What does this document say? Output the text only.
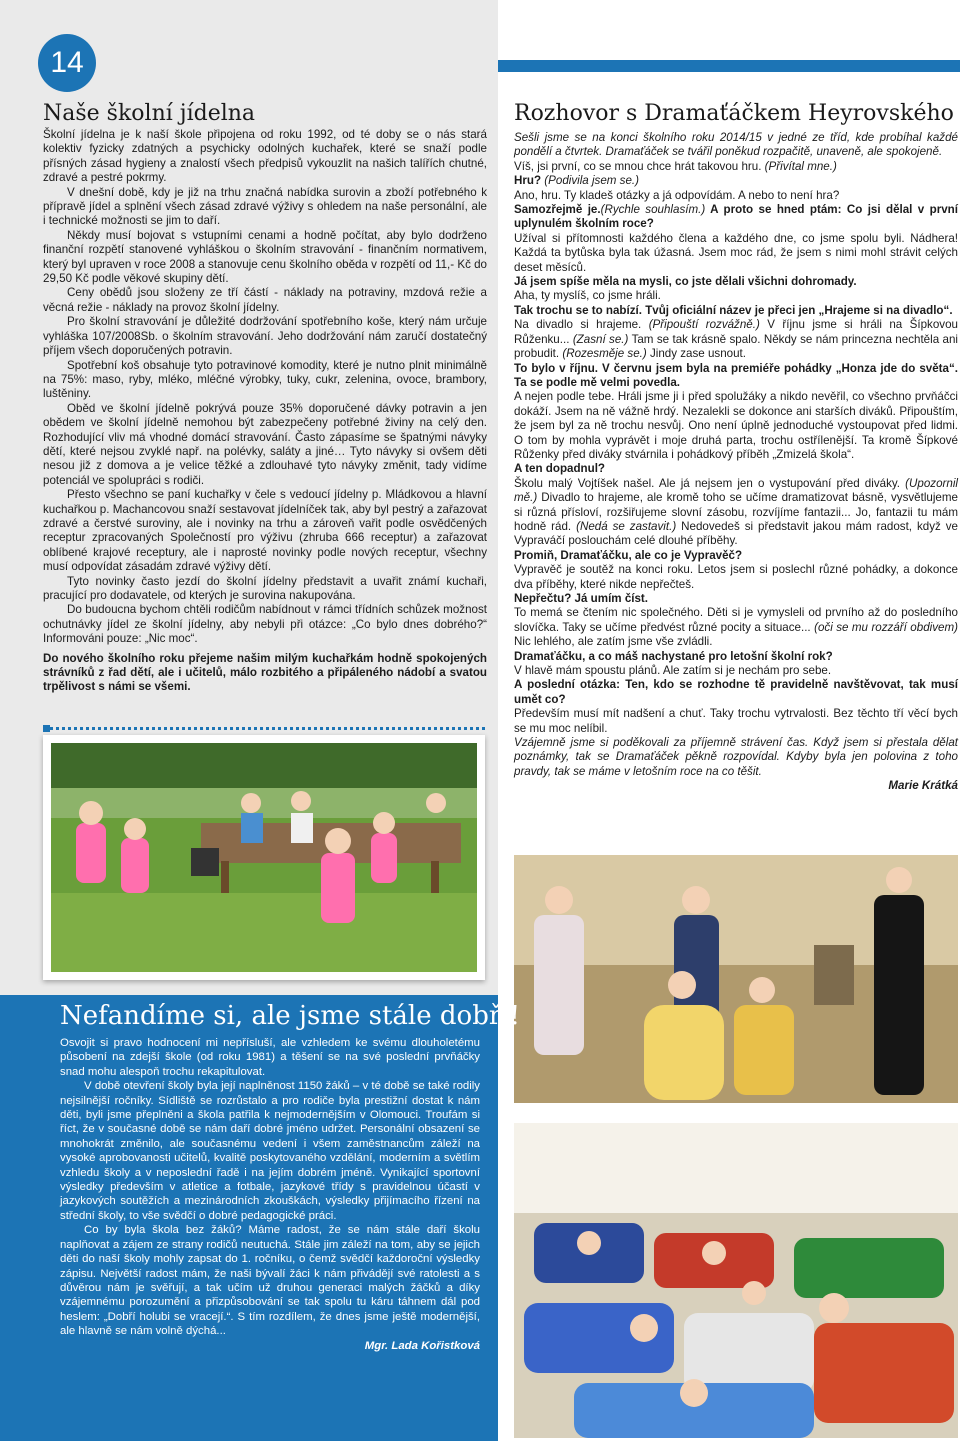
14
Naše školní jídelna

Školní jídelna je k naší škole připojena od roku 1992, od té doby se o nás stará kolektiv fyzicky zdatných a psychicky odolných kuchařek, které se snaží podle přísných zásad hygieny a znalostí všech předpisů vykouzlit na našich talířích chutné, zdravé a pestré pokrmy.

V dnešní době, kdy je již na trhu značná nabídka surovin a zboží potřebného k přípravě jídel a splnění všech zásad zdravé výživy s ohledem na naše personální, ale i technické možnosti se jim to daří.

Někdy musí bojovat s vstupními cenami a hodně počítat, aby bylo dodrženo finanční rozpětí stanovené vyhláškou o školním stravování - finančním normativem, který byl upraven v roce 2008 a stanovuje cenu školního oběda v rozpětí od 11,- Kč do 29,50 Kč podle věkové skupiny dětí.

Ceny obědů jsou složeny ze tří částí - náklady na potraviny, mzdová režie a věcná režie - náklady na provoz školní jídelny.

Pro školní stravování je důležité dodržování spotřebního koše, který nám určuje vyhláška 107/2008Sb. o školním stravování. Jeho dodržování nám zaručí dostatečný příjem všech doporučených potravin.

Spotřební koš obsahuje tyto potravinové komodity, které je nutno plnit minimálně na 75%: maso, ryby, mléko, mléčné výrobky, tuky, cukr, zelenina, ovoce, brambory, luštěniny.

Oběd ve školní jídelně pokrývá pouze 35% doporučené dávky potravin a jen obědem ve školní jídelně nemohou být zabezpečeny potřebné živiny na celý den. Rozhodující vliv má vhodné domácí stravování. Často zápasíme se špatnými návyky dětí, které nejsou zvyklé např. na polévky, saláty a jiné… Tyto návyky si ovšem děti nesou již z domova a je velice těžké a zdlouhavé tyto návyky změnit, tady vidíme potenciál ve spolupráci s rodiči.

Přesto všechno se paní kuchařky v čele s vedoucí jídelny p. Mládkovou a hlavní kuchařkou p. Machancovou snaží sestavovat jídelníček tak, aby byl pestrý a zařazovat zdravé a čerstvé suroviny, ale i novinky na trhu a zároveň vařit podle osvědčených receptur zpracovaných Společností pro výživu (zhruba 666 receptur) a zařazovat oblíbené krajové receptury, ale i naprosté novinky podle nových receptur, všechny musí odpovídat zásadám zdravé výživy dětí.

Tyto novinky často jezdí do školní jídelny představit a uvařit známí kuchaři, pracující pro dodavatele, od kterých je surovina nakupována.

Do budoucna bychom chtěli rodičům nabídnout v rámci třídních schůzek možnost ochutnávky jídel ze školní jídelny, aby nebyli při otázce: „Co bylo dnes dobrého?“ Informováni pouze: „Nic moc“.

Do nového školního roku přejeme našim milým kuchařkám hodně spokojených strávníků z řad dětí, ale i učitelů, málo rozbitého a připáleného nádobí a svatou trpělivost s námi se všemi.

Rozhovor s Dramaťáčkem Heyrovského

Sešli jsme se na konci školního roku 2014/15 v jedné ze tříd, kde probíhal každé pondělí a čtvrtek. Dramaťáček se tvářil poněkud rozpačitě, unaveně, ale spokojeně.

Víš, jsi první, co se mnou chce hrát takovou hru. (Přivítal mne.)

Hru? (Podivila jsem se.)

Ano, hru. Ty kladeš otázky a já odpovídám. A nebo to není hra?

Samozřejmě je.(Rychle souhlasím.) A proto se hned ptám: Co jsi dělal v první uplynulém školním roce?

Užíval si přítomnosti každého člena a každého dne, co jsme spolu byli. Nádhera! Každá ta bytůska byla tak úžasná. Jsem moc rád, že jsem s nimi mohl strávit celých deset měsíců.

Já jsem spíše měla na mysli, co jste dělali všichni dohromady.

Aha, ty myslíš, co jsme hráli.

Tak trochu se to nabízí. Tvůj oficiální název je přeci jen „Hrajeme si na divadlo“.

Na divadlo si hrajeme. (Připouští rozvážně.) V říjnu jsme si hráli na Šípkovou Růženku... (Zasní se.) Tam se tak krásně spalo. Někdy se nám princezna nechtěla ani probudit. (Rozesměje se.) Jindy zase usnout.

To bylo v říjnu. V červnu jsem byla na premiéře pohádky „Honza jde do světa“. Ta se podle mě velmi povedla.

A nejen podle tebe. Hráli jsme ji i před spolužáky a nikdo nevěřil, co všechno prvňáčci dokáží. Jsem na ně vážně hrdý. Nezalekli se dokonce ani starších diváků. Připouštím, že jsem byl za ně trochu nesvůj. Ono není úplně jednoduché vystoupovat před lidmi. O tom by mohla vyprávět i moje druhá parta, trochu ostřílenější. Ta kromě Šípkové Růženky před diváky stvárnila i pohádkový příběh „Zmizelá škola“.

A ten dopadnul?

Školu malý Vojtíšek našel. Ale já nejsem jen o vystupování před diváky. (Upozornil mě.) Divadlo to hrajeme, ale kromě toho se učíme dramatizovat básně, vysvětlujeme si různá přísloví, rozšiřujeme slovní zásobu, rozvíjíme fantazii... Jo, fantazii tu mám hodně rád. (Nedá se zastavit.) Nedovedeš si představit jakou mám radost, když ve Vypraváčí poslouchám celé dlouhé příběhy.

Promiň, Dramaťáčku, ale co je Vypravěč?

Vypravěč je soutěž na konci roku. Letos jsem si poslechl různé pohádky, a dokonce dva příběhy, které nikde nepřečteš.

Nepřečtu? Já umím číst.

To memá se čtením nic společného. Děti si je vymysleli od prvního až do posledního slovíčka. Taky se učíme předvést různé pocity a situace... (oči se mu rozzáří obdivem) Nic lehlého, ale zatím jsme vše zvládli.

Dramaťáčku, a co máš nachystané pro letošní školní rok?

V hlavě mám spoustu plánů. Ale zatím si je nechám pro sebe.

A poslední otázka: Ten, kdo se rozhodne tě pravidelně navštěvovat, tak musí umět co?

Především musí mít nadšení a chuť. Taky trochu vytrvalosti. Bez těchto tří věcí bych se mu moc nelíbil.

Vzájemně jsme si poděkovali za příjemně strávení čas. Když jsem si přestala dělat poznámky, tak se Dramaťáček pěkně rozpovídal. Kdyby byla jen polovina z toho pravdy, tak se máme v letošním roce na co těšit.

Marie Krátká

Nefandíme si, ale jsme stále dobří!

Osvojit si pravo hodnocení mi nepřísluší, ale vzhledem ke svému dlouholetému působení na zdejší škole (od roku 1981) a těšení se na své poslední prvňáčky snad mohu alespoň trochu rekapitulovat.

V době otevření školy byla její naplněnost 1150 žáků – v té době se také rodily nejsilnější ročníky. Sídliště se rozrůstalo a pro rodiče byla prestižní dostat k nám děti, byli jsme přeplněni a škola patřila k nejmodernějším v Olomouci. Troufám si říct, že v současné době se nám daří dobré jméno udržet. Personální obsazení se mnohokrát změnilo, ale současnému vedení i všem zaměstnancům záleží na vysoké aprobovanosti učitelů, kvalitě poskytovaného vzdělání, moderním a světlím vzhledu školy a v neposlední řadě i na jejím dobrém jméně. Vynikající sportovní výsledky především v atletice a fotbale, jazykové třídy s pravidelnou účastí v jazykových soutěžích a mezinárodních zkouškách, výsledky přijímacího řízení na střední školy, to vše svědčí o dobré pedagogické práci.

Co by byla škola bez žáků? Máme radost, že se nám stále daří školu naplňovat a zájem ze strany rodičů neutuchá. Stále jim záleží na tom, aby se jejich děti do naší školy mohly zapsat do 1. ročníku, o čemž svědčí každoroční výsledky zápisu. Největší radost mám, že naši bývalí žáci k nám přivádějí své ratolesti a s důvěrou nám je svěřují, a tak učím už druhou generaci malých žáčků a díky vzájemnému porozumění a přizpůsobování se tak spolu tu káru táhnem dál pod heslem: „Dobří holubi se vracejí.“. S tím rozdílem, že dnes jsme ještě modernější, ale hlavně se nám volně dýchá...

Mgr. Lada Kořistková
